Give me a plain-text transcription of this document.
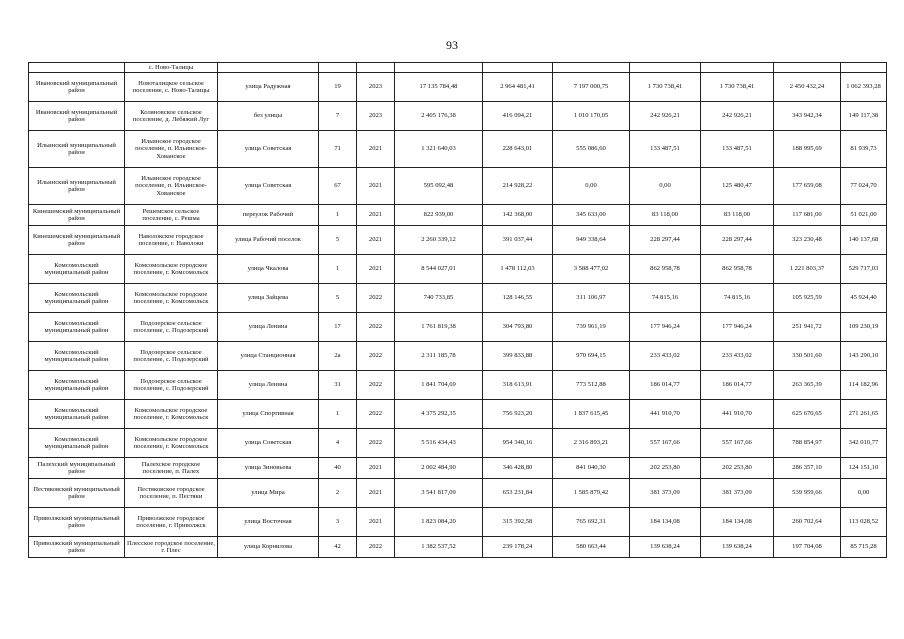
93
	с. Ново-Талицы										
Ивановский муниципальный район	Новоталицкое сельское поселение, с. Ново-Талицы	улица Радужная	19	2023	17 135 784,48	2 964 481,41	7 197 000,75	1 730 738,41	1 730 738,41	2 450 432,24	1 062 393,28
Ивановский муниципальный район	Коляновское сельское поселение, д. Лебяжий Луг	без улицы	7	2023	2 405 176,38	416 094,21	1 010 170,05	242 926,21	242 926,21	343 942,34	149 117,38
Ильинский муниципальный район	Ильинское городское поселение, п. Ильинское-Хованское	улица Советская	71	2021	1 321 640,03	228 643,01	555 086,60	133 487,51	133 487,51	188 995,69	81 939,73
Ильинский муниципальный район	Ильинское городское поселение, п. Ильинское-Хованское	улица Советская	67	2021	595 092,48	214 928,22	0,00	0,00	125 480,47	177 659,08	77 024,70
Кинешемский муниципальный район	Решемское сельское поселение, с. Решма	переулок Рабочий	1	2021	822 939,00	142 368,00	345 633,00	83 118,00	83 118,00	117 681,00	51 021,00
Кинешемский муниципальный район	Наволокское городское поселение, г. Наволоки	улица Рабочий поселок	5	2021	2 260 339,12	391 037,44	949 338,64	228 297,44	228 297,44	323 230,48	140 137,68
Комсомольский муниципальный район	Комсомольское городское поселение, г. Комсомольск	улица Чкалова	1	2021	8 544 027,01	1 478 112,03	3 588 477,02	862 958,78	862 958,78	1 221 803,37	529 717,03
Комсомольский муниципальный район	Комсомольское городское поселение, г. Комсомольск	улица Зайцева	5	2022	740 733,85	128 146,55	311 106,97	74 815,16	74 815,16	105 925,59	45 924,40
Комсомольский муниципальный район	Подозерское сельское поселение, с. Подозерский	улица Ленина	17	2022	1 761 819,38	304 793,80	739 961,19	177 946,24	177 946,24	251 941,72	109 230,19
Комсомольский муниципальный район	Подозерское сельское поселение, с. Подозерский	улица Станционная	2а	2022	2 311 185,78	399 833,88	970 694,15	233 433,02	233 433,02	330 501,60	143 290,10
Комсомольский муниципальный район	Подозерское сельское поселение, с. Подозерский	улица Ленина	31	2022	1 841 704,69	318 613,91	773 512,88	186 014,77	186 014,77	263 365,39	114 182,96
Комсомольский муниципальный район	Комсомольское городское поселение, г. Комсомольск	улица Спортивная	1	2022	4 375 292,35	756 923,20	1 837 615,45	441 910,70	441 910,70	625 670,65	271 261,65
Комсомольский муниципальный район	Комсомольское городское поселение, г. Комсомольск	улица Советская	4	2022	5 516 434,43	954 340,16	2 316 893,21	557 167,66	557 167,66	788 854,97	342 010,77
Палехский муниципальный район	Палехское городское поселение, п. Палех	улица Зиновьева	40	2021	2 002 484,90	346 428,80	841 040,30	202 253,80	202 253,80	286 357,10	124 151,10
Пестяковский муниципальный район	Пестяковское городское поселение, п. Пестяки	улица Мира	2	2021	3 541 817,09	653 231,84	1 585 879,42	381 373,09	381 373,09	539 959,66	0,00
Приволжский муниципальный район	Приволжское городское поселение, г. Приволжск	улица Восточная	3	2021	1 823 084,20	315 392,58	765 692,31	184 134,08	184 134,08	260 702,64	113 028,52
Приволжский муниципальный район	Плесское городское поселение, г. Плес	улица Корнилова	42	2022	1 382 537,52	239 178,24	580 663,44	139 638,24	139 638,24	197 704,08	85 715,28
